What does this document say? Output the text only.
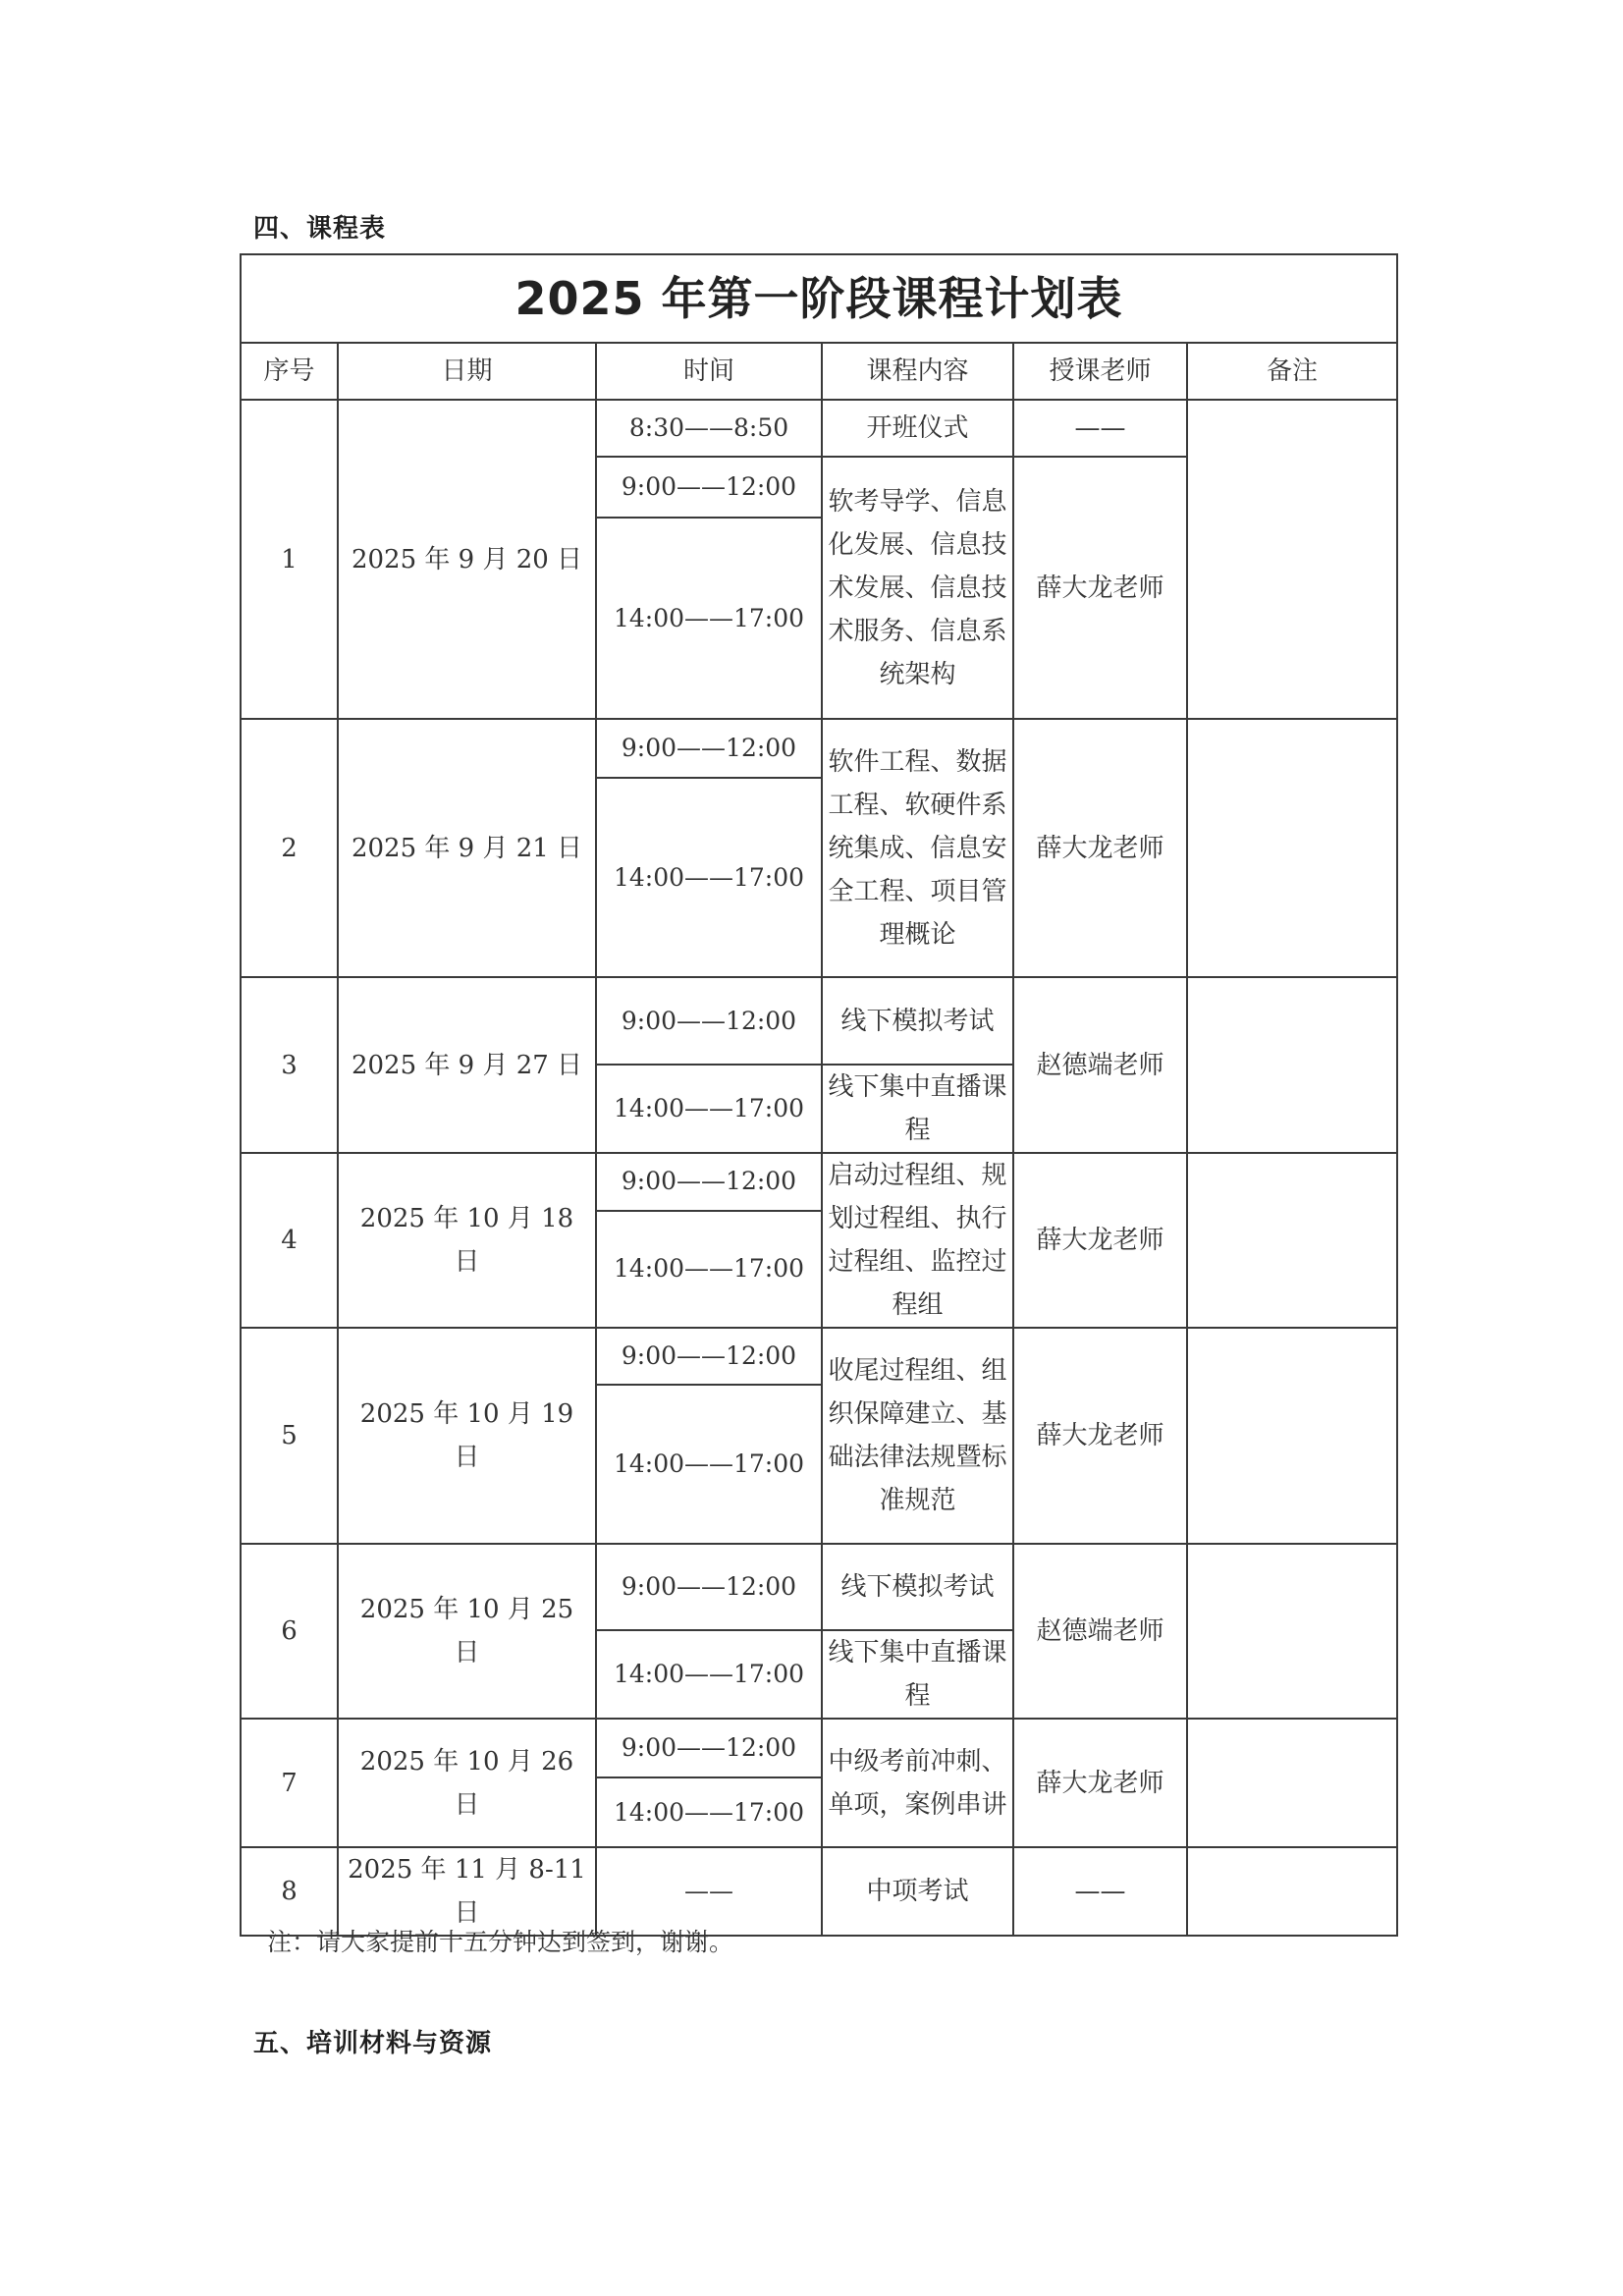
四、课程表
2025 年第一阶段课程计划表					
序号	日期	时间	课程内容	授课老师	备注
1	2025 年 9 月 20 日	8:30——8:50	开班仪式	——	
		9:00——12:00	软考导学、信息化发展、信息技术发展、信息技术服务、信息系统架构	薛大龙老师	
		14:00——17:00			
2	2025 年 9 月 21 日	9:00——12:00	软件工程、数据工程、软硬件系统集成、信息安全工程、项目管理概论	薛大龙老师	
		14:00——17:00			
3	2025 年 9 月 27 日	9:00——12:00	线下模拟考试	赵德端老师	
		14:00——17:00	线下集中直播课程		
4	2025 年 10 月 18 日	9:00——12:00	启动过程组、规划过程组、执行过程组、监控过程组	薛大龙老师	
		14:00——17:00			
5	2025 年 10 月 19 日	9:00——12:00	收尾过程组、组织保障建立、基础法律法规暨标准规范	薛大龙老师	
		14:00——17:00			
6	2025 年 10 月 25 日	9:00——12:00	线下模拟考试	赵德端老师	
		14:00——17:00	线下集中直播课程		
7	2025 年 10 月 26 日	9:00——12:00	中级考前冲刺、单项，案例串讲	薛大龙老师	
		14:00——17:00			
8	2025 年 11 月 8-11 日	——	中项考试	——	
注：请大家提前十五分钟达到签到，谢谢。
五、培训材料与资源
